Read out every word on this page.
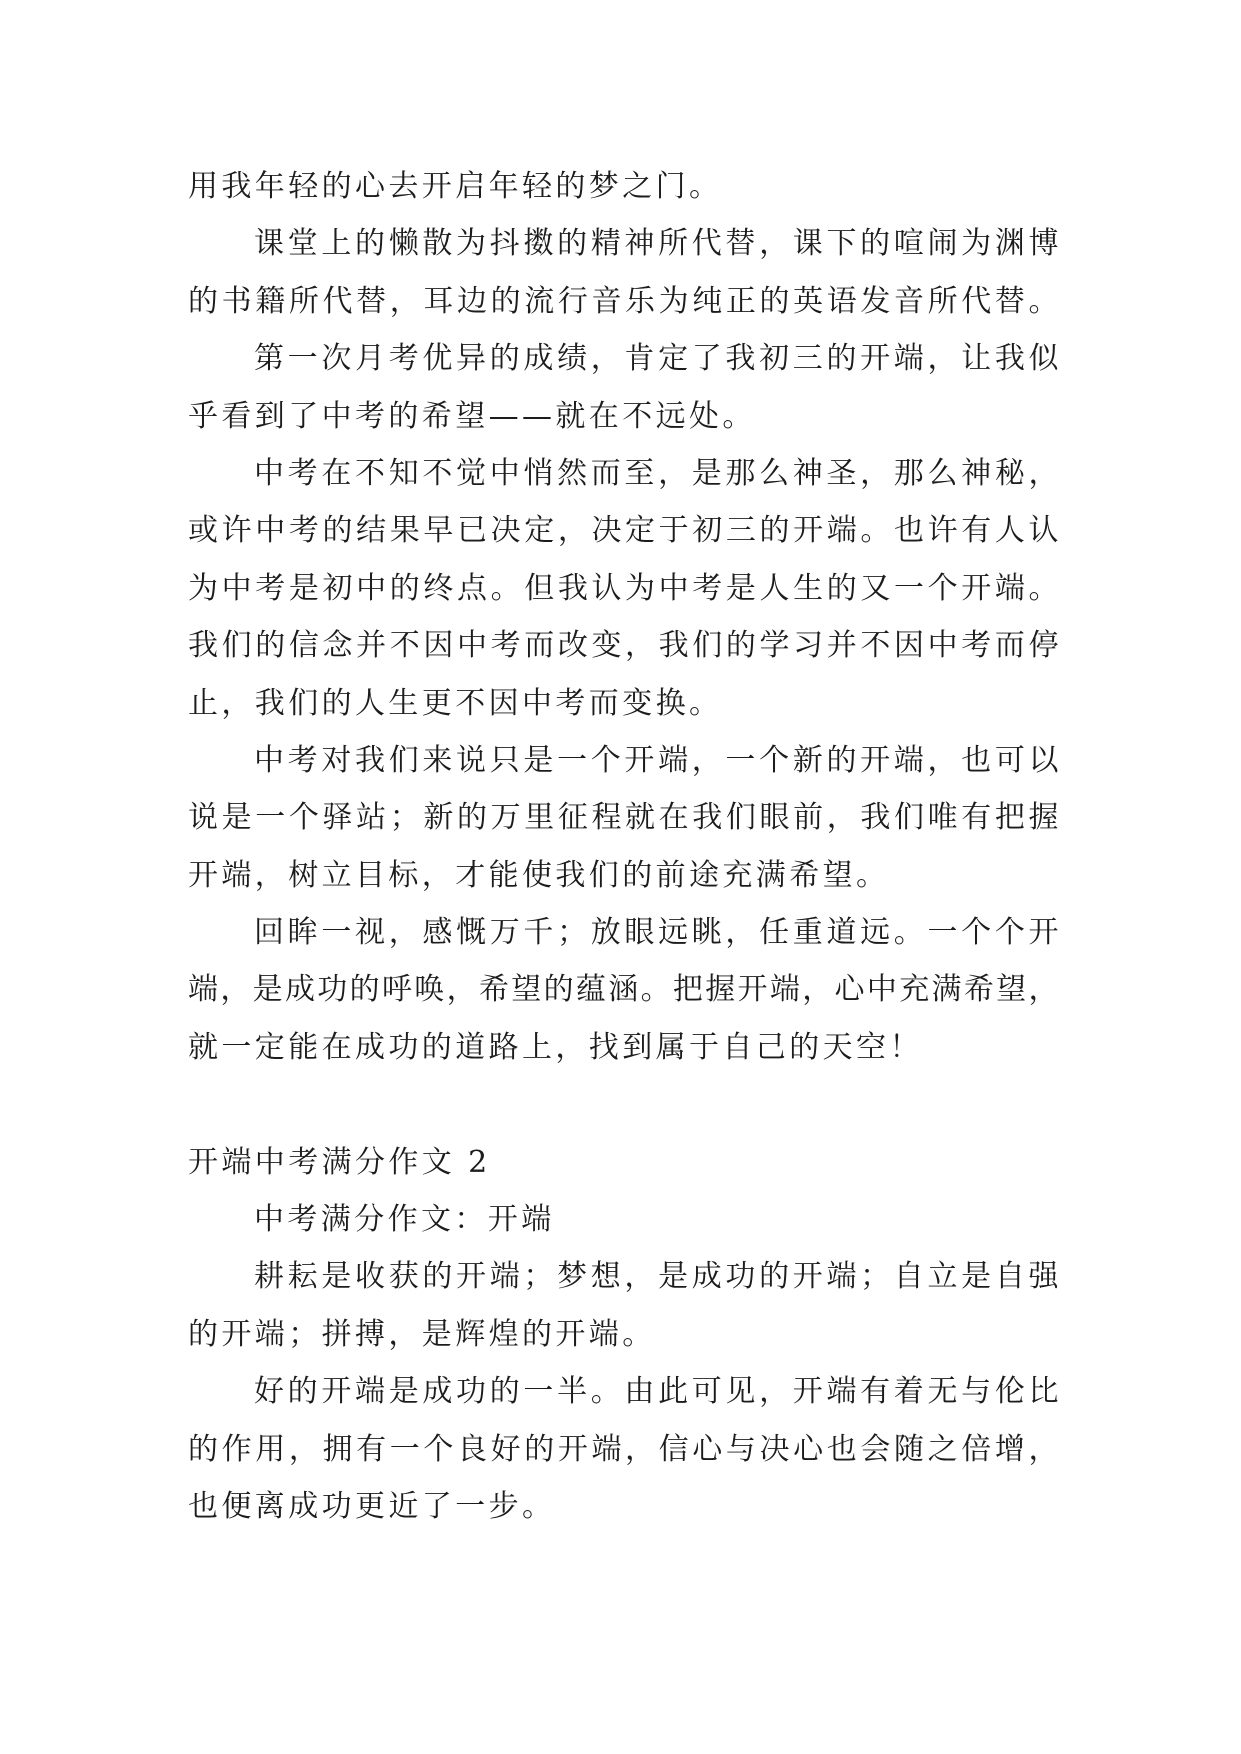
用我年轻的心去开启年轻的梦之门。
课堂上的懒散为抖擞的精神所代替，课下的喧闹为渊博
的书籍所代替，耳边的流行音乐为纯正的英语发音所代替。
第一次月考优异的成绩，肯定了我初三的开端，让我似
乎看到了中考的希望——就在不远处。
中考在不知不觉中悄然而至，是那么神圣，那么神秘，
或许中考的结果早已决定，决定于初三的开端。也许有人认
为中考是初中的终点。但我认为中考是人生的又一个开端。
我们的信念并不因中考而改变，我们的学习并不因中考而停
止，我们的人生更不因中考而变换。
中考对我们来说只是一个开端，一个新的开端，也可以
说是一个驿站；新的万里征程就在我们眼前，我们唯有把握
开端，树立目标，才能使我们的前途充满希望。
回眸一视，感慨万千；放眼远眺，任重道远。一个个开
端，是成功的呼唤，希望的蕴涵。把握开端，心中充满希望，
就一定能在成功的道路上，找到属于自己的天空！
开端中考满分作文 2
中考满分作文：开端
耕耘是收获的开端；梦想，是成功的开端；自立是自强
的开端；拼搏，是辉煌的开端。
好的开端是成功的一半。由此可见，开端有着无与伦比
的作用，拥有一个良好的开端，信心与决心也会随之倍增，
也便离成功更近了一步。
